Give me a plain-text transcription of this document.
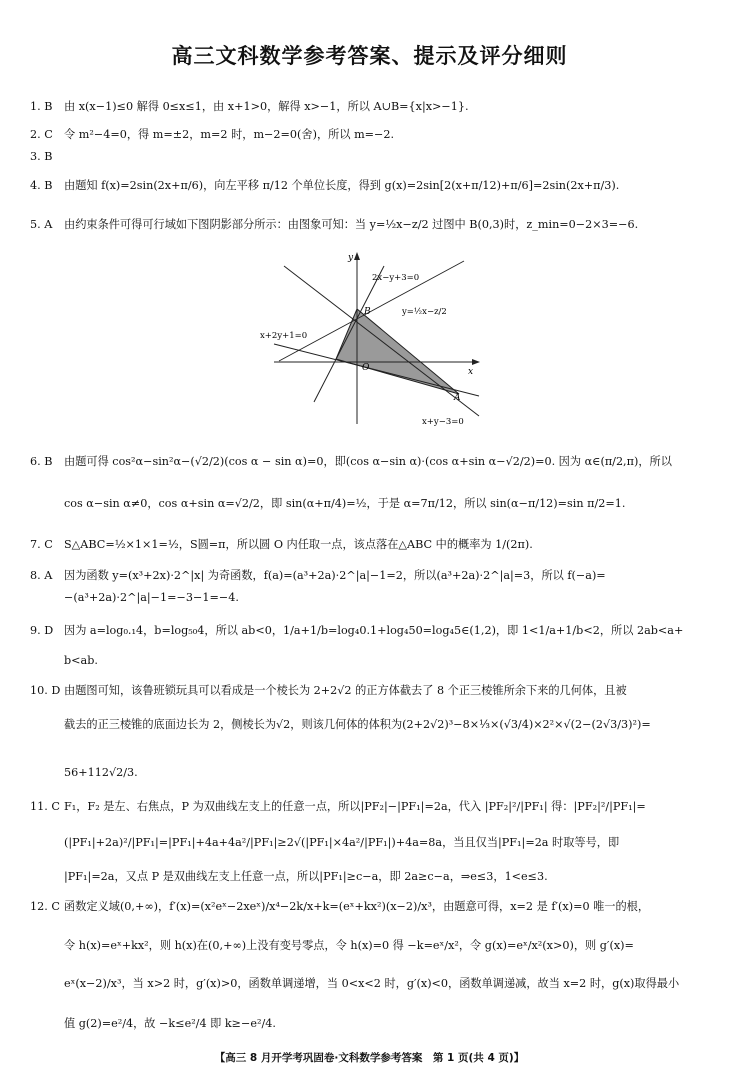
高三文科数学参考答案、提示及评分细则
1. B 由 x(x−1)≤0 解得 0≤x≤1，由 x+1>0，解得 x>−1，所以 A∪B={x|x>−1}.
2. C 令 m²−4=0，得 m=±2，m=2 时，m−2=0(舍)，所以 m=−2.
3. B
4. B 由题知 f(x)=2sin(2x+π/6)，向左平移 π/12 个单位长度，得到 g(x)=2sin[2(x+π/12)+π/6]=2sin(2x+π/3).
5. A 由约束条件可得可行域如下图阴影部分所示：由图象可知：当 y=½x−z/2 过图中 B(0,3)时，z_min=0−2×3=−6.
6. B 由题可得 cos²α−sin²α−(√2/2)(cos α − sin α)=0，即(cos α−sin α)·(cos α+sin α−√2/2)=0. 因为 α∈(π/2,π)，所以
cos α−sin α≠0，cos α+sin α=√2/2，即 sin(α+π/4)=½，于是 α=7π/12，所以 sin(α−π/12)=sin π/2=1.
7. C S△ABC=½×1×1=½，S圆=π，所以圆 O 内任取一点，该点落在△ABC 中的概率为 1/(2π).
8. A 因为函数 y=(x³+2x)·2^|x| 为奇函数，f(a)=(a³+2a)·2^|a|−1=2，所以(a³+2a)·2^|a|=3，所以 f(−a)=
−(a³+2a)·2^|a|−1=−3−1=−4.
9. D 因为 a=log₀.₁4，b=log₅₀4，所以 ab<0，1/a+1/b=log₄0.1+log₄50=log₄5∈(1,2)，即 1<1/a+1/b<2，所以 2ab<a+
b<ab.
10. D 由题图可知，该鲁班锁玩具可以看成是一个棱长为 2+2√2 的正方体截去了 8 个正三棱锥所余下来的几何体，且被
截去的正三棱锥的底面边长为 2，侧棱长为√2，则该几何体的体积为(2+2√2)³−8×⅓×(√3/4)×2²×√(2−(2√3/3)²)=
56+112√2/3.
11. C F₁，F₂ 是左、右焦点，P 为双曲线左支上的任意一点，所以|PF₂|−|PF₁|=2a，代入 |PF₂|²/|PF₁| 得：|PF₂|²/|PF₁|=
(|PF₁|+2a)²/|PF₁|=|PF₁|+4a+4a²/|PF₁|≥2√(|PF₁|×4a²/|PF₁|)+4a=8a，当且仅当|PF₁|=2a 时取等号，即
|PF₁|=2a，又点 P 是双曲线左支上任意一点，所以|PF₁|≥c−a，即 2a≥c−a，⇒e≤3，1<e≤3.
12. C 函数定义域(0,+∞)，f′(x)=(x²eˣ−2xeˣ)/x⁴−2k/x+k=(eˣ+kx²)(x−2)/x³，由题意可得，x=2 是 f′(x)=0 唯一的根，
令 h(x)=eˣ+kx²，则 h(x)在(0,+∞)上没有变号零点，令 h(x)=0 得 −k=eˣ/x²，令 g(x)=eˣ/x²(x>0)，则 g′(x)=
eˣ(x−2)/x³，当 x>2 时，g′(x)>0，函数单调递增，当 0<x<2 时，g′(x)<0，函数单调递减，故当 x=2 时，g(x)取得最小
值 g(2)=e²/4，故 −k≤e²/4 即 k≥−e²/4.
y
x
O
B
A
2x−y+3=0
y=½x−z/2
x+2y+1=0
x+y−3=0
【高三 8 月开学考巩固卷·文科数学参考答案　第 1 页(共 4 页)】
